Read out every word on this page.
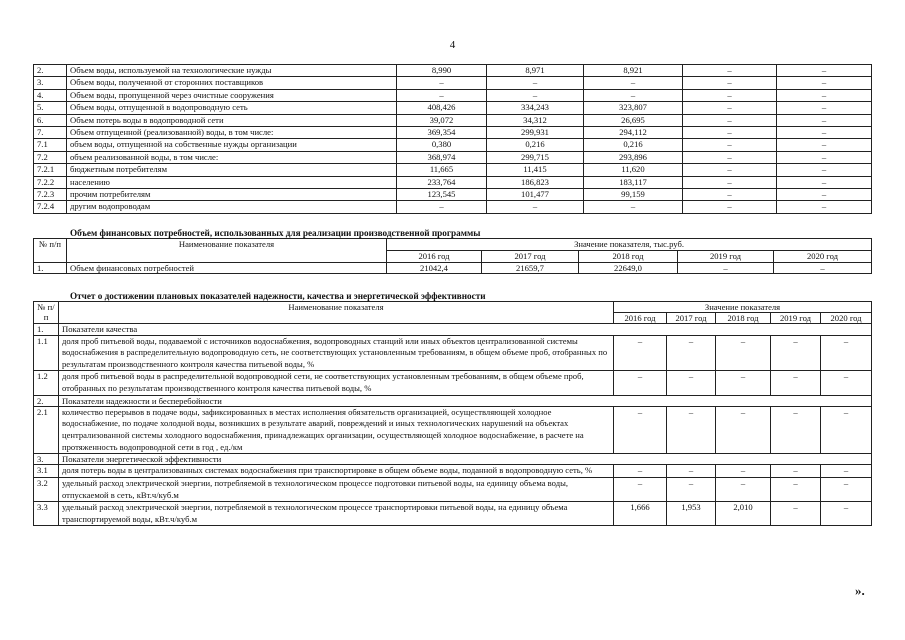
4
2.	Объем воды, используемой на технологические нужды	8,990	8,971	8,921	–	–
3.	Объем воды, полученной от сторонних поставщиков	–	–	–	–	–
4.	Объем воды, пропущенной через очистные сооружения	–	–	–	–	–
5.	Объем воды, отпущенной в водопроводную сеть	408,426	334,243	323,807	–	–
6.	Объем потерь воды в водопроводной сети	39,072	34,312	26,695	–	–
7.	Объем отпущенной (реализованной) воды, в том числе:	369,354	299,931	294,112	–	–
7.1	объем воды, отпущенной на собственные нужды организации	0,380	0,216	0,216	–	–
7.2	объем реализованной воды, в том числе:	368,974	299,715	293,896	–	–
7.2.1	бюджетным потребителям	11,665	11,415	11,620	–	–
7.2.2	населению	233,764	186,823	183,117	–	–
7.2.3	прочим потребителям	123,545	101,477	99,159	–	–
7.2.4	другим водопроводам	–	–	–	–	–
Объем финансовых потребностей, использованных для реализации производственной программы
№ п/п	Наименование показателя	Значение показателя, тыс.руб.				
		2016 год	2017 год	2018 год	2019 год	2020 год
1.	Объем финансовых потребностей	21042,4	21659,7	22649,0	–	–
Отчет о достижении плановых показателей надежности, качества и энергетической эффективности
№ п/п	Наименование показателя	Значение показателя				
		2016 год	2017 год	2018 год	2019 год	2020 год
1.	Показатели качества					
1.1	доля проб питьевой воды, подаваемой с источников водоснабжения, водопроводных станций или иных объектов централизованной системы водоснабжения в распределительную водопроводную сеть, не соответствующих установленным требованиям, в общем объеме проб, отобранных по результатам производственного контроля качества питьевой воды, %	–	–	–	–	–
1.2	доля проб питьевой воды в распределительной водопроводной сети, не соответствующих установленным требованиям, в общем объеме проб, отобранных по результатам производственного контроля качества питьевой воды, %	–	–	–	–	–
2.	Показатели надежности и бесперебойности					
2.1	количество перерывов в подаче воды, зафиксированных в местах исполнения обязательств организацией, осуществляющей холодное водоснабжение, по подаче холодной воды, возникших в результате аварий, повреждений и иных технологических нарушений на объектах централизованной системы холодного водоснабжения, принадлежащих организации, осуществляющей холодное водоснабжение, в расчете на протяженность водопроводной сети в год , ед./км	–	–	–	–	–
3.	Показатели энергетической эффективности					
3.1	доля потерь воды в централизованных системах водоснабжения при транспортировке в общем объеме воды, поданной в водопроводную сеть, %	–	–	–	–	–
3.2	удельный расход электрической энергии, потребляемой в технологическом процессе подготовки питьевой воды, на единицу объема воды, отпускаемой в сеть, кВт.ч/куб.м	–	–	–	–	–
3.3	удельный расход электрической энергии, потребляемой в технологическом процессе транспортировки питьевой воды, на единицу объема транспортируемой воды, кВт.ч/куб.м	1,666	1,953	2,010	–	–
».
